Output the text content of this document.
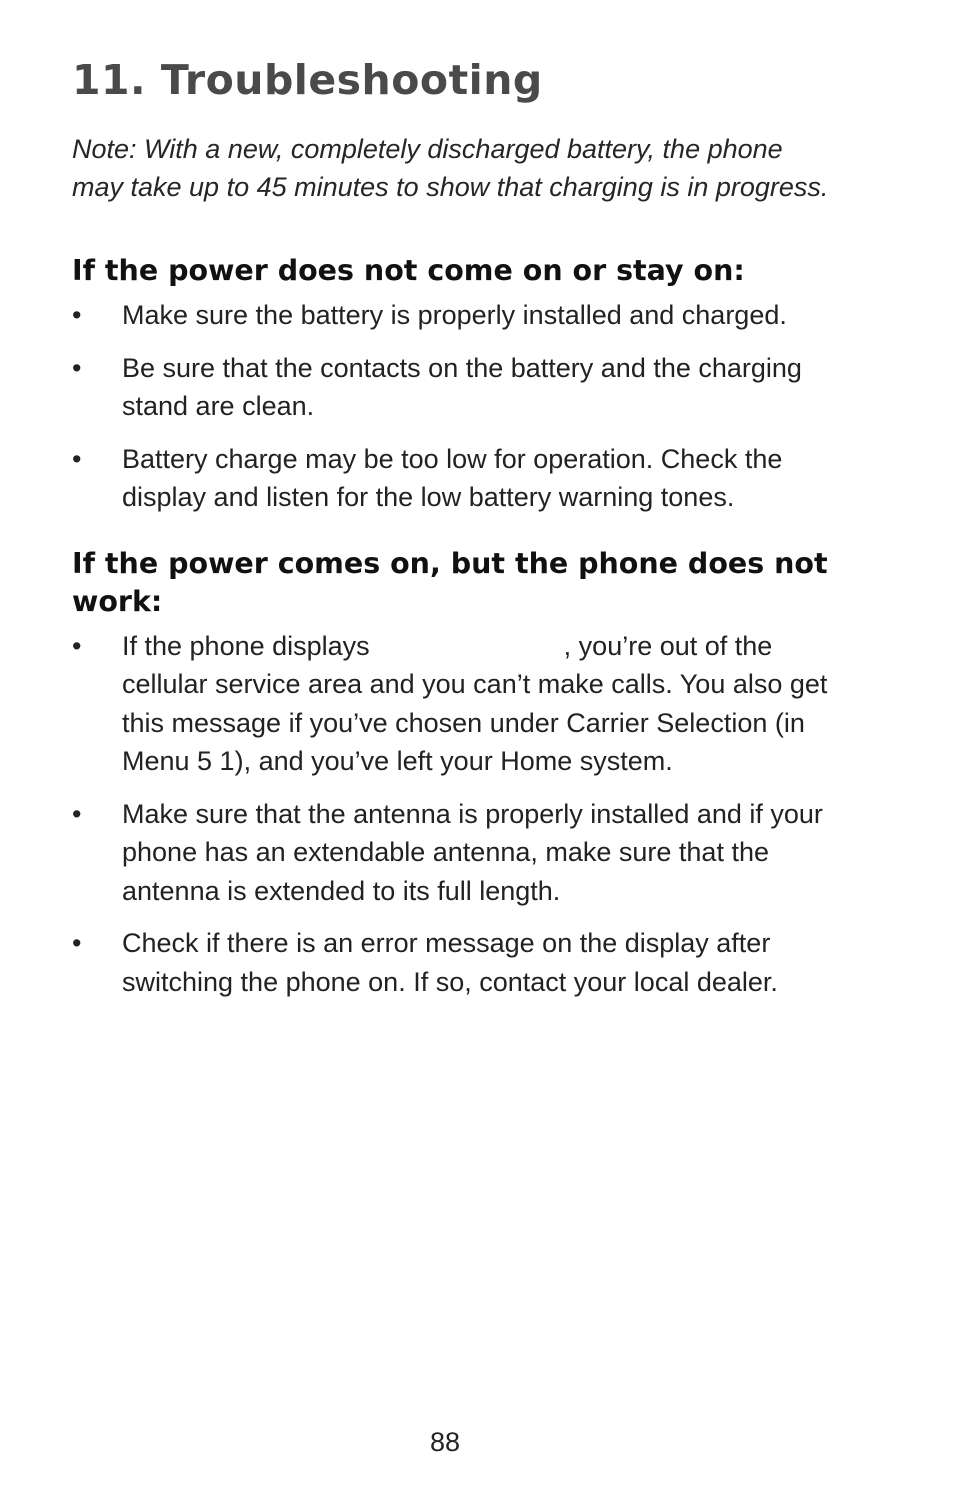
11. Troubleshooting

Note: With a new, completely discharged battery, the phone may take up to 45 minutes to show that charging is in progress.

If the power does not come on or stay on:
•	Make sure the battery is properly installed and charged.
•	Be sure that the contacts on the battery and the charging stand are clean.
•	Battery charge may be too low for operation. Check the display and listen for the low battery warning tones.
If the power comes on, but the phone does not work:
•	If the phone displays	, you’re out of the cellular service area and you can’t make calls. You also get this message if you’ve chosen under Carrier Selection (in Menu 5 1), and you’ve left your Home system.
•	Make sure that the antenna is properly installed and if your phone has an extendable antenna, make sure that the antenna is extended to its full length.
•	Check if there is an error message on the display after switching the phone on. If so, contact your local dealer.
88
